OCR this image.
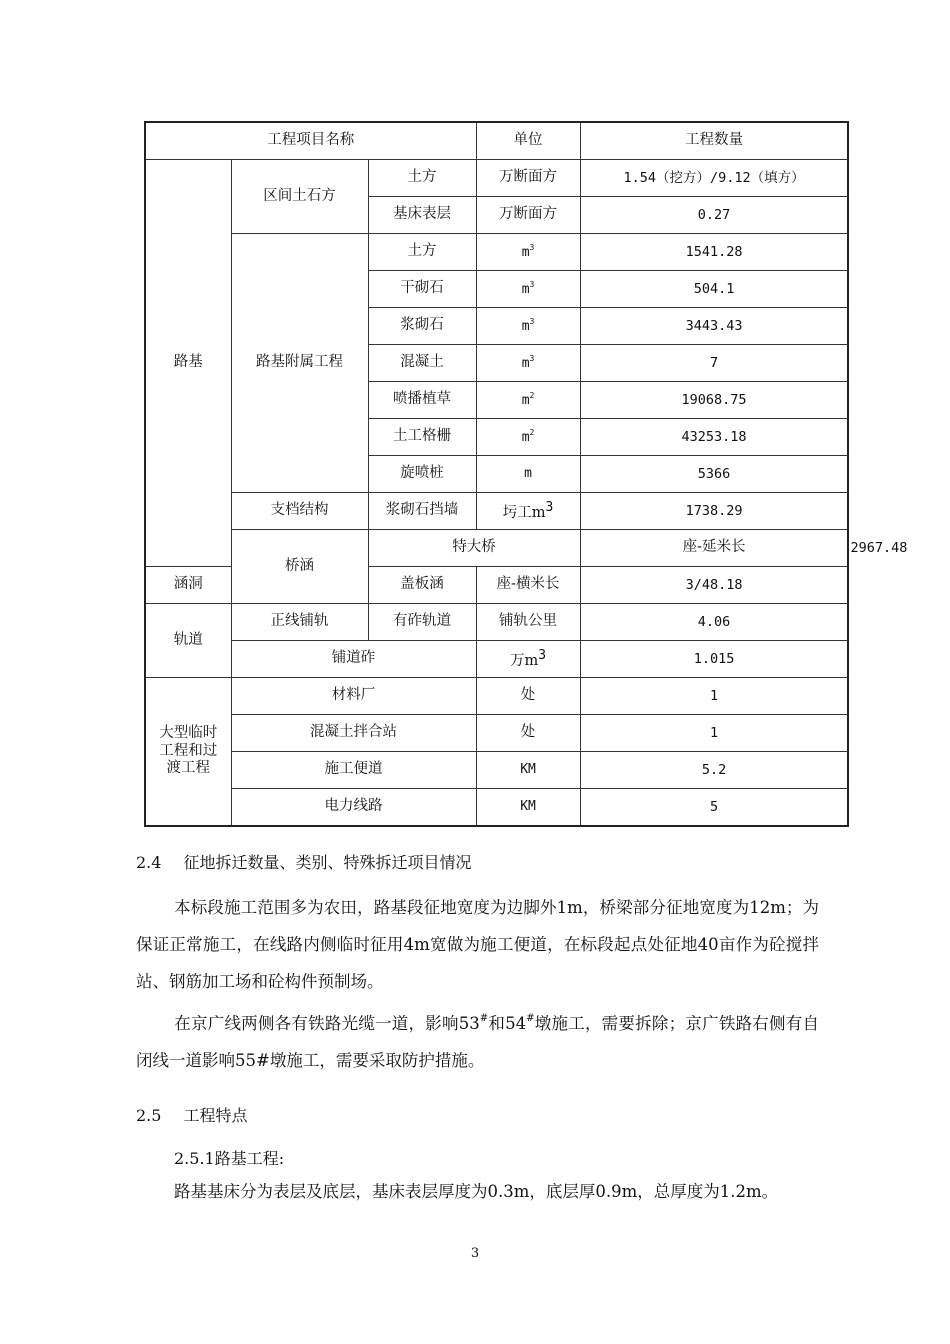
工程项目名称			单位	工程数量	
路基	区间土石方	土方	万断面方	1.54（挖方）/9.12（填方）	
		基床表层	万断面方	0.27	
	路基附属工程	土方	$m^3$	1541.28	
		干砌石	$m^3$	504.1	
		浆砌石	$m^3$	3443.43	
		混凝土	$m^3$	7	
		喷播植草	$m^2$	19068.75	
		土工格栅	$m^2$	43253.18	
		旋喷桩	m	5366	
	支档结构	浆砌石挡墙	圬工$m^3$	1738.29	
	桥涵	特大桥		座-延米长	2967.48
涵洞		盖板涵	座-横米长	3/48.18	
轨道	正线铺轨	有砟轨道	铺轨公里	4.06	
	铺道砟		万$m^3$	1.015	
大型临时
工程和过
渡工程	材料厂		处	1	
	混凝土拌合站		处	1	
	施工便道		KM	5.2	
	电力线路		KM	5	
2.4 征地拆迁数量、类别、特殊拆迁项目情况
本标段施工范围多为农田，路基段征地宽度为边脚外1m，桥梁部分征地宽度为12m；为保证正常施工，在线路内侧临时征用4m宽做为施工便道，在标段起点处征地40亩作为砼搅拌站、钢筋加工场和砼构件预制场。
在京广线两侧各有铁路光缆一道，影响53#和54#墩施工，需要拆除；京广铁路右侧有自闭线一道影响55#墩施工，需要采取防护措施。
2.5 工程特点
2.5.1路基工程:
路基基床分为表层及底层，基床表层厚度为0.3m，底层厚0.9m，总厚度为1.2m。
3
